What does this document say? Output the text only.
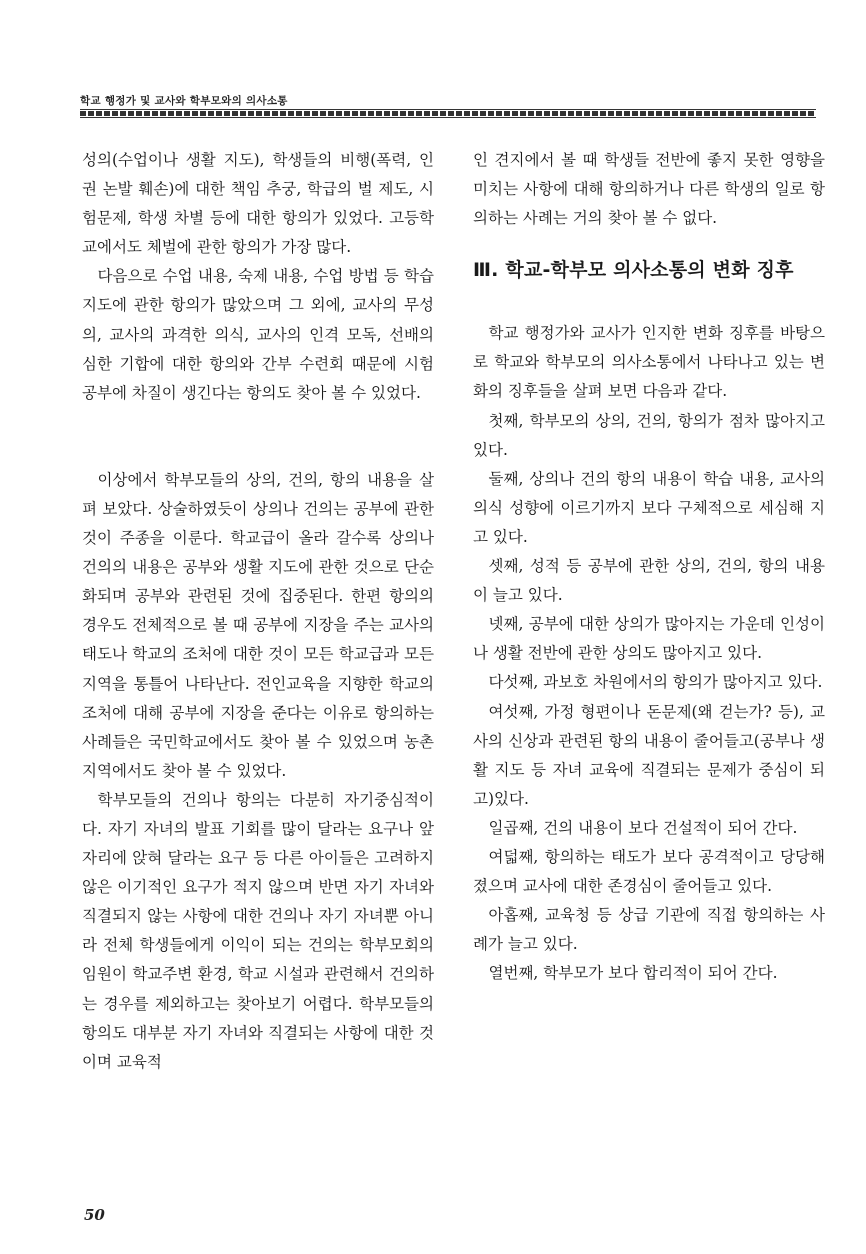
학교 행정가 및 교사와 학부모와의 의사소통

성의(수업이나 생활 지도), 학생들의 비행(폭력, 인권 논발 훼손)에 대한 책임 추궁, 학급의 벌 제도, 시험문제, 학생 차별 등에 대한 항의가 있었다. 고등학교에서도 체벌에 관한 항의가 가장 많다.

다음으로 수업 내용, 숙제 내용, 수업 방법 등 학습 지도에 관한 항의가 많았으며 그 외에, 교사의 무성의, 교사의 과격한 의식, 교사의 인격 모독, 선배의 심한 기합에 대한 항의와 간부 수련회 때문에 시험 공부에 차질이 생긴다는 항의도 찾아 볼 수 있었다.

이상에서 학부모들의 상의, 건의, 항의 내용을 살펴 보았다. 상술하였듯이 상의나 건의는 공부에 관한 것이 주종을 이룬다. 학교급이 올라 갈수록 상의나 건의의 내용은 공부와 생활 지도에 관한 것으로 단순화되며 공부와 관련된 것에 집중된다. 한편 항의의 경우도 전체적으로 볼 때 공부에 지장을 주는 교사의 태도나 학교의 조처에 대한 것이 모든 학교급과 모든 지역을 통틀어 나타난다. 전인교육을 지향한 학교의 조처에 대해 공부에 지장을 준다는 이유로 항의하는 사례들은 국민학교에서도 찾아 볼 수 있었으며 농촌 지역에서도 찾아 볼 수 있었다.

학부모들의 건의나 항의는 다분히 자기중심적이다. 자기 자녀의 발표 기회를 많이 달라는 요구나 앞자리에 앉혀 달라는 요구 등 다른 아이들은 고려하지 않은 이기적인 요구가 적지 않으며 반면 자기 자녀와 직결되지 않는 사항에 대한 건의나 자기 자녀뿐 아니라 전체 학생들에게 이익이 되는 건의는 학부모회의 임원이 학교주변 환경, 학교 시설과 관련해서 건의하는 경우를 제외하고는 찾아보기 어렵다. 학부모들의 항의도 대부분 자기 자녀와 직결되는 사항에 대한 것이며 교육적

인 견지에서 볼 때 학생들 전반에 좋지 못한 영향을 미치는 사항에 대해 항의하거나 다른 학생의 일로 항의하는 사례는 거의 찾아 볼 수 없다.

Ⅲ. 학교-학부모 의사소통의 변화 징후

학교 행정가와 교사가 인지한 변화 징후를 바탕으로 학교와 학부모의 의사소통에서 나타나고 있는 변화의 징후들을 살펴 보면 다음과 같다.

첫째, 학부모의 상의, 건의, 항의가 점차 많아지고 있다.

둘째, 상의나 건의 항의 내용이 학습 내용, 교사의 의식 성향에 이르기까지 보다 구체적으로 세심해 지고 있다.

셋째, 성적 등 공부에 관한 상의, 건의, 항의 내용이 늘고 있다.

넷째, 공부에 대한 상의가 많아지는 가운데 인성이나 생활 전반에 관한 상의도 많아지고 있다.

다섯째, 과보호 차원에서의 항의가 많아지고 있다.

여섯째, 가정 형편이나 돈문제(왜 걷는가? 등), 교사의 신상과 관련된 항의 내용이 줄어들고(공부나 생활 지도 등 자녀 교육에 직결되는 문제가 중심이 되고)있다.

일곱째, 건의 내용이 보다 건설적이 되어 간다.

여덟째, 항의하는 태도가 보다 공격적이고 당당해 졌으며 교사에 대한 존경심이 줄어들고 있다.

아홉째, 교육청 등 상급 기관에 직접 항의하는 사례가 늘고 있다.

열번째, 학부모가 보다 합리적이 되어 간다.

50
